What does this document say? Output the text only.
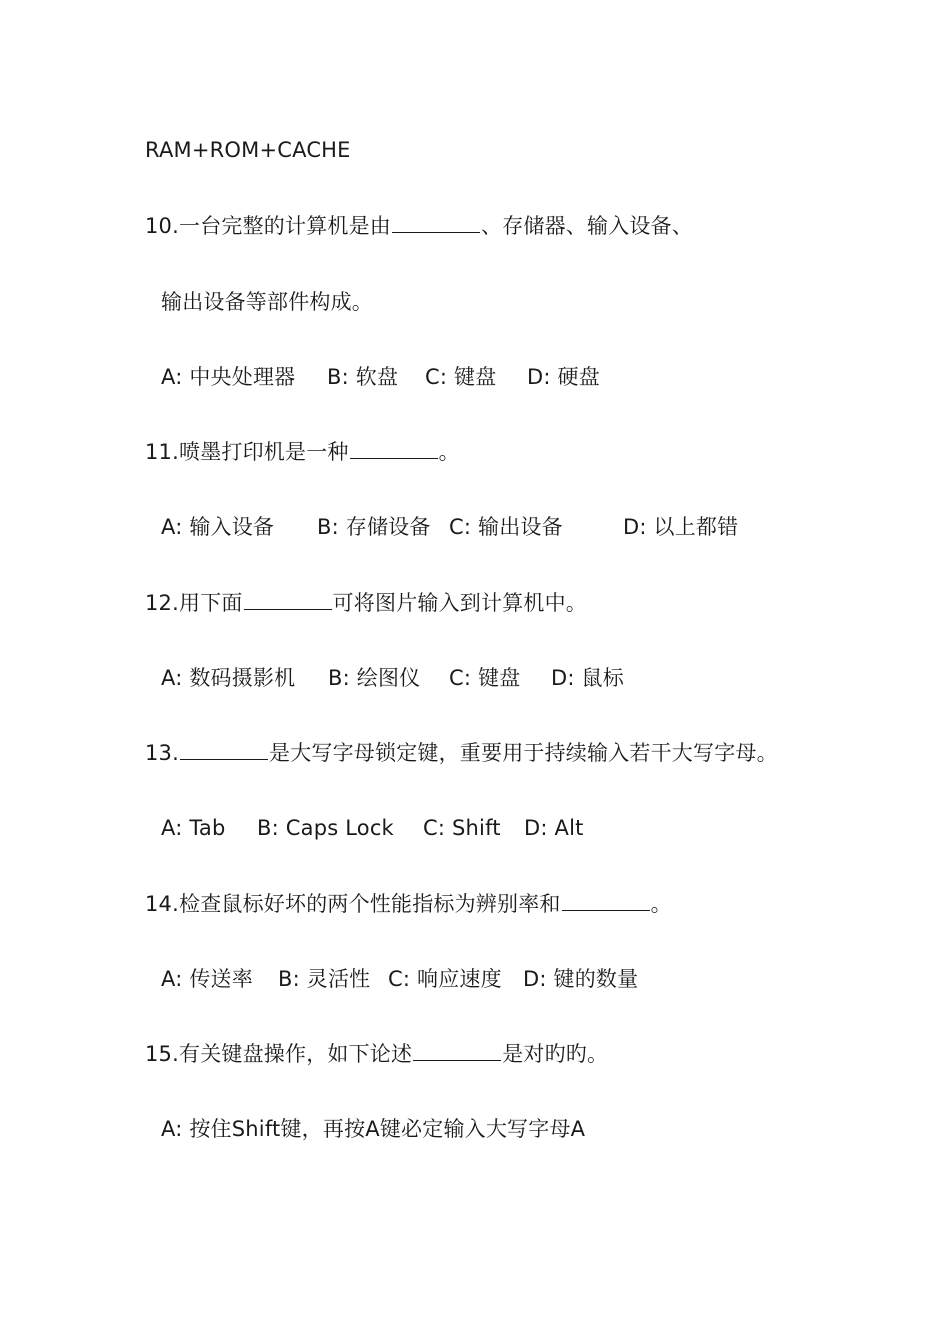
RAM+ROM+CACHE
10.一台完整的计算机是由	、存储器、输入设备、
输出设备等部件构成。
A: 中央处理器 B: 软盘 C: 键盘 D: 硬盘
11.喷墨打印机是一种	。
A: 输入设备 B: 存储设备 C: 输出设备	D: 以上都错
12.用下面	可将图片输入到计算机中。
A: 数码摄影机 B: 绘图仪 C: 键盘 D: 鼠标
13.	是大写字母锁定键，重要用于持续输入若干大写字母。
A: Tab B: Caps Lock C: Shift D: Alt
14.检查鼠标好坏的两个性能指标为辨别率和	。
A: 传送率 B: 灵活性 C: 响应速度 D: 键的数量
15.有关键盘操作，如下论述	是对旳旳。
A: 按住Shift键，再按A键必定输入大写字母A
